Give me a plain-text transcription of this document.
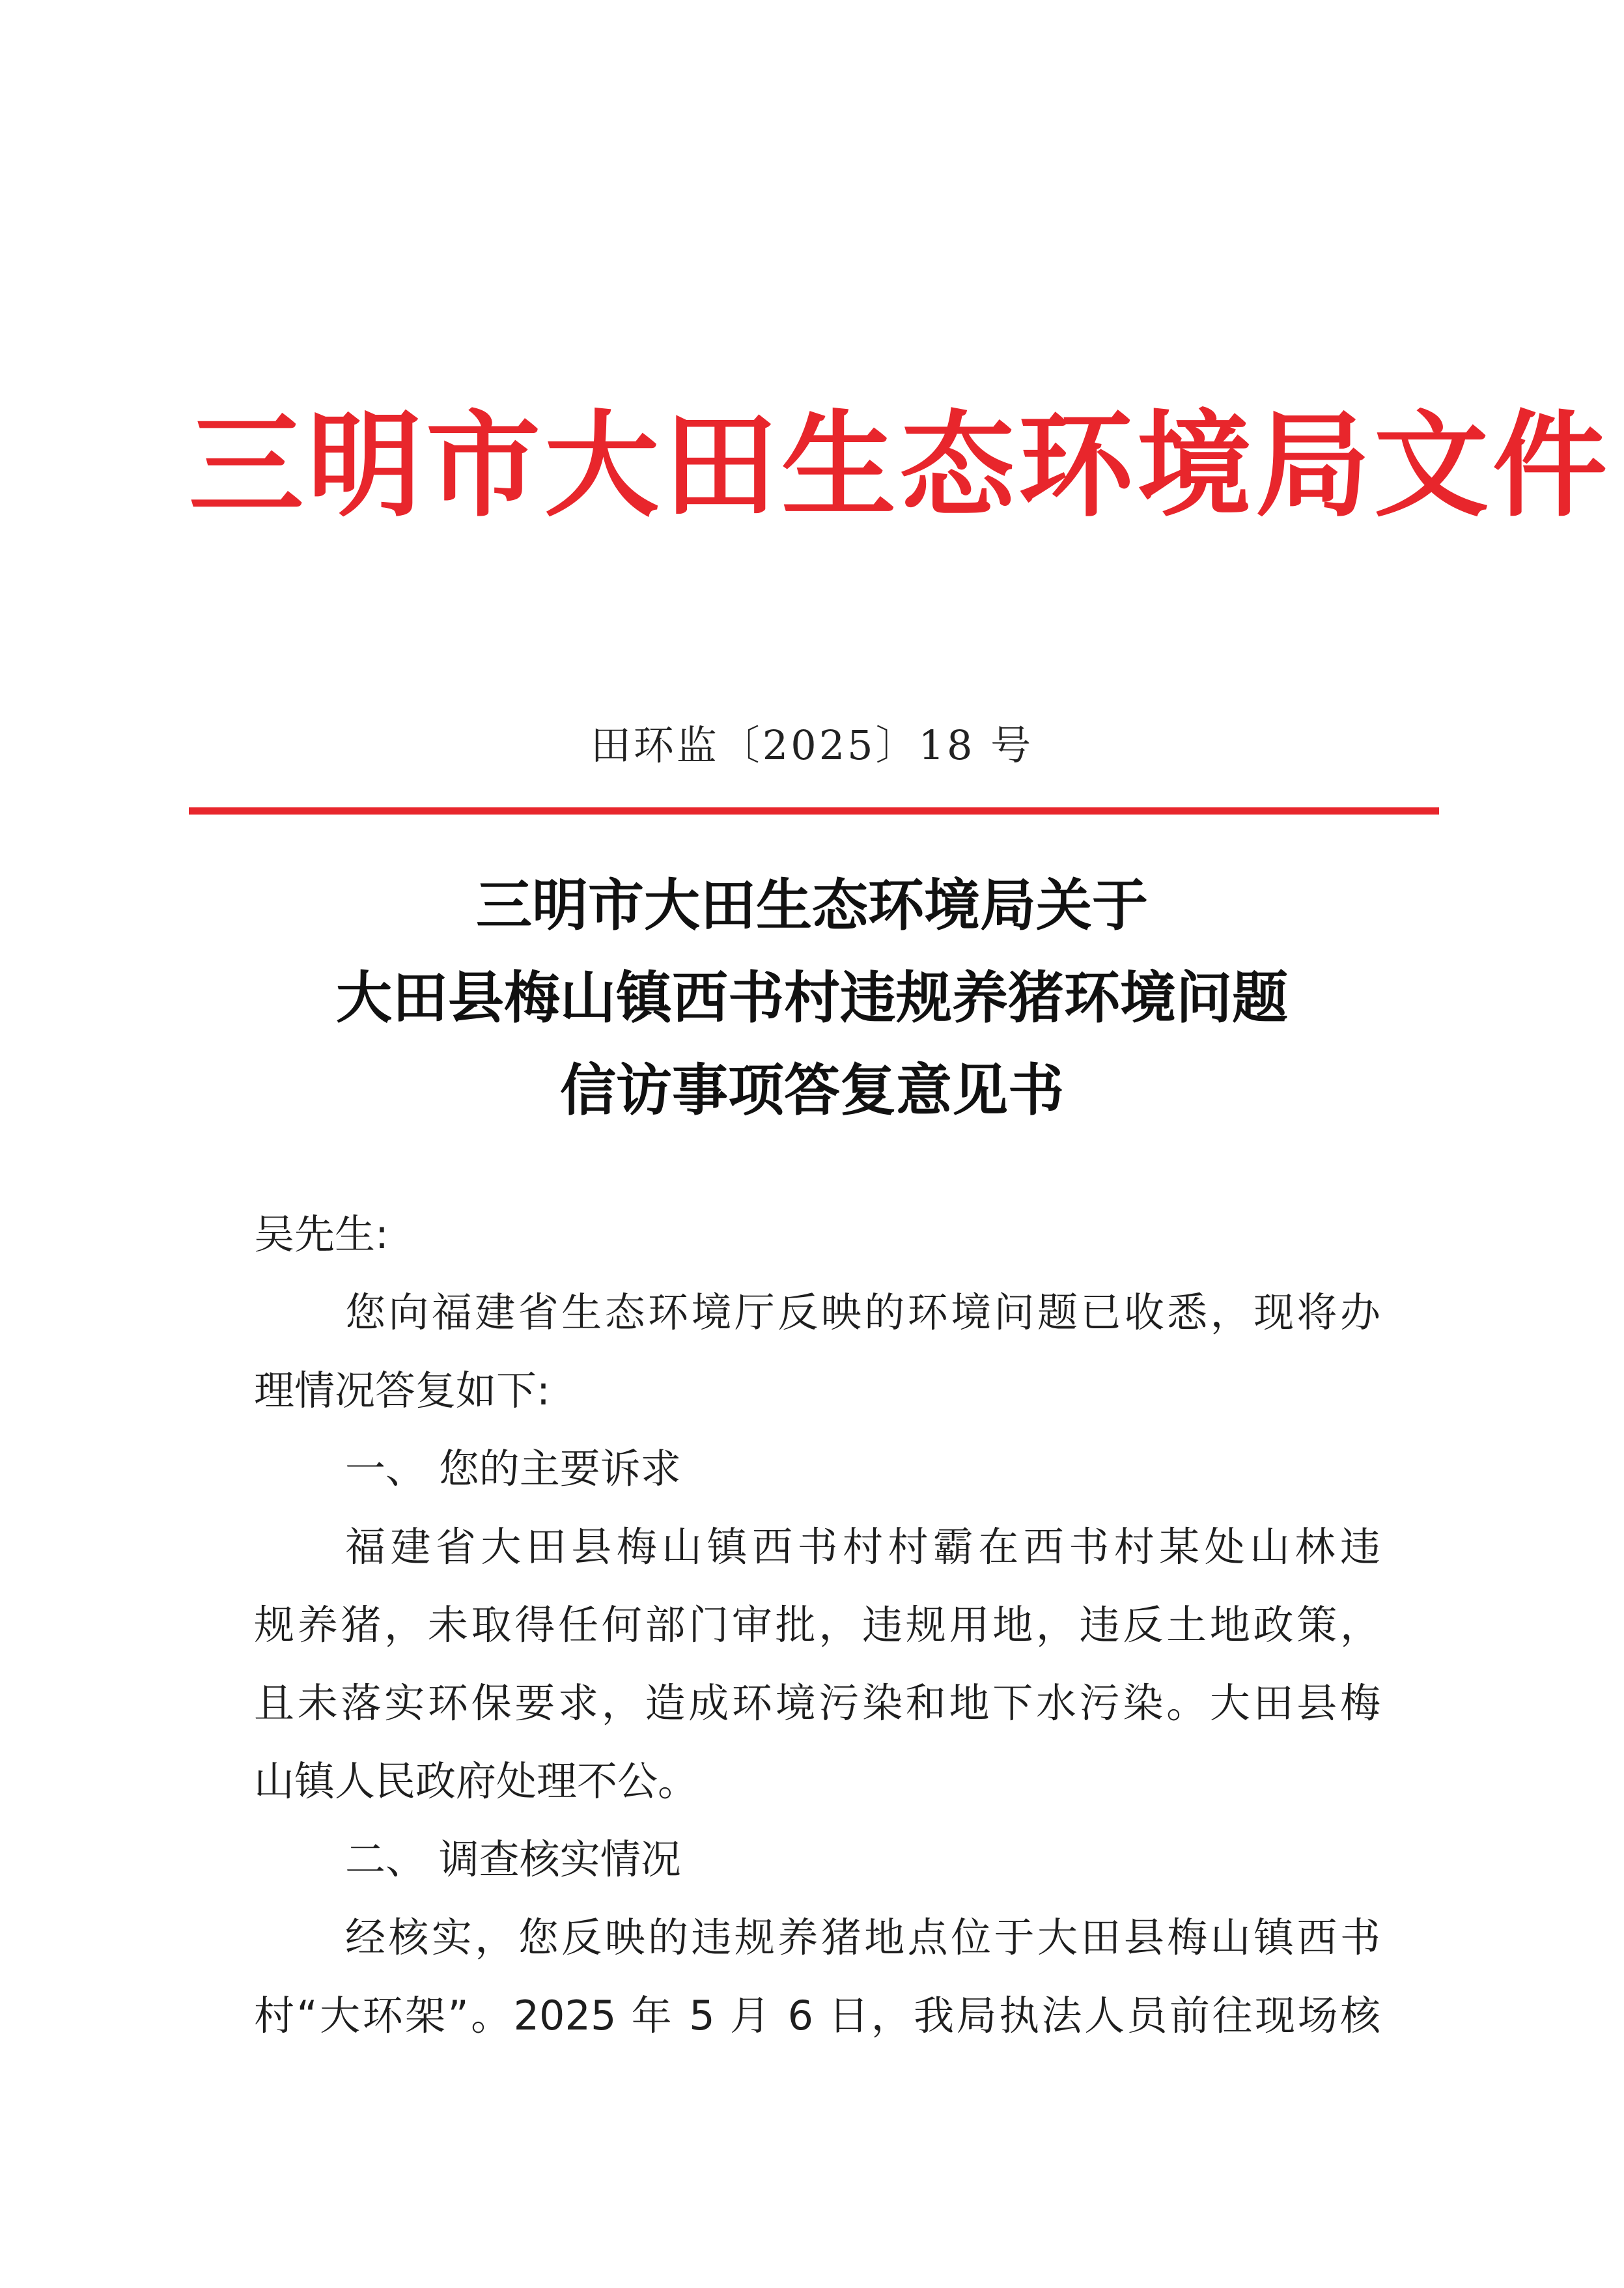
三明市大田生态环境局文件
田环监〔2025〕18 号
三明市大田生态环境局关于
大田县梅山镇西书村违规养猪环境问题
信访事项答复意见书
吴先生:
您向福建省生态环境厅反映的环境问题已收悉，现将办
理情况答复如下:
一、 您的主要诉求
福建省大田县梅山镇西书村村霸在西书村某处山林违
规养猪，未取得任何部门审批，违规用地，违反土地政策，
且未落实环保要求，造成环境污染和地下水污染。大田县梅
山镇人民政府处理不公。
二、 调查核实情况
经核实，您反映的违规养猪地点位于大田县梅山镇西书
村“大环架”。2025 年 5 月 6 日，我局执法人员前往现场核
